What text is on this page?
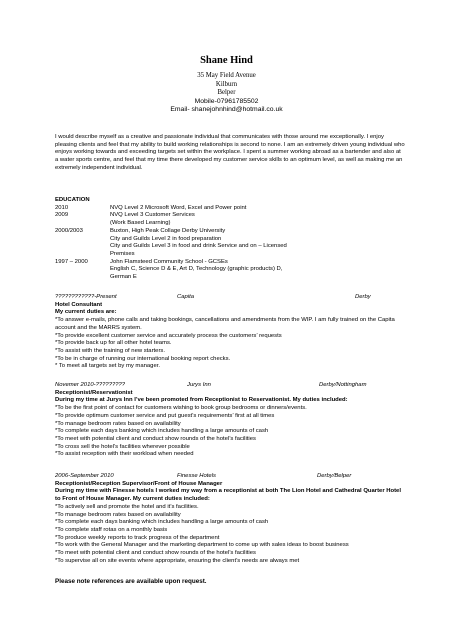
Shane Hind
35 May Field Avenue
Kilburn
Belper
Mobile-07961785502
Email- shanejohnhind@hotmail.co.uk

I would describe myself as a creative and passionate individual that communicates with those around me exceptionally. I enjoy pleasing clients and feel that my ability to build working relationships is second to none. I am an extremely driven young individual who enjoys working towards and exceeding targets set within the workplace. I spent a summer working abroad as a bartender and also at a water sports centre, and feel that my time there developed my customer service skills to an optimum level, as well as making me an extremely independent individual.

EDUCATION
2010	NVQ Level 2 Microsoft Word, Excel and Power point
2009	NVQ Level 3 Customer Services
(Work Based Learning)
2000/2003	Buxton, High Peak Collage Derby University
City and Guilds Level 2 in food preparation
City and Guilds Level 3 in food and drink Service and on – Licensed
Premises
1997 – 2000	John Flamsteed Community School - GCSEs
English C, Science D & E, Art D, Technology (graphic products) D,
German E
????????????-Present	Capita	Derby
Hotel Consultant
My current duties are:
*To answer e-mails, phone calls and taking bookings, cancellations and amendments from the WIP. I am fully trained on the Capita account and the MARRS system.
*To provide excellent customer service and accurately process the customers’ requests
*To provide back up for all other hotel teams.
*To assist with the training of new starters.
*To be in charge of running our international booking report checks.
* To meet all targets set by my manager.
Novemer 2010-?????????	Jurys Inn	Derby/Nottingham
Receptionist/Reservationist
During my time at Jurys Inn I’ve been promoted from Receptionist to Reservationist. My duties included:
*To be the first point of contact for customers wishing to book group bedrooms or dinners/events.
*To provide optimum customer service and put guest’s requirements’ first at all times
*To manage bedroom rates based on availability
*To complete each days banking which includes handling a large amounts of cash
*To meet with potential client and conduct show rounds of the hotel’s facilities
*To cross sell the hotel’s facilities wherever possible
*To assist reception with their workload when needed
2006-September 2010	Finesse Hotels	Derby/Belper
Receptionist/Reception Supervisor/Front of House Manager
During my time with Finesse hotels I worked my way from a receptionist at both The Lion Hotel and Cathedral Quarter Hotel to Front of House Manager. My current duties included:
*To actively sell and promote the hotel and it’s facilities.
*To manage bedroom rates based on availability
*To complete each days banking which includes handling a large amounts of cash
*To complete staff rotas on a monthly basis
*To produce weekly reports to track progress of the department
*To work with the General Manager and the marketing department to come up with sales ideas to boost business
*To meet with potential client and conduct show rounds of the hotel’s facilities
*To supervise all on site events where appropriate, ensuring the client’s needs are always met
Please note references are available upon request.
